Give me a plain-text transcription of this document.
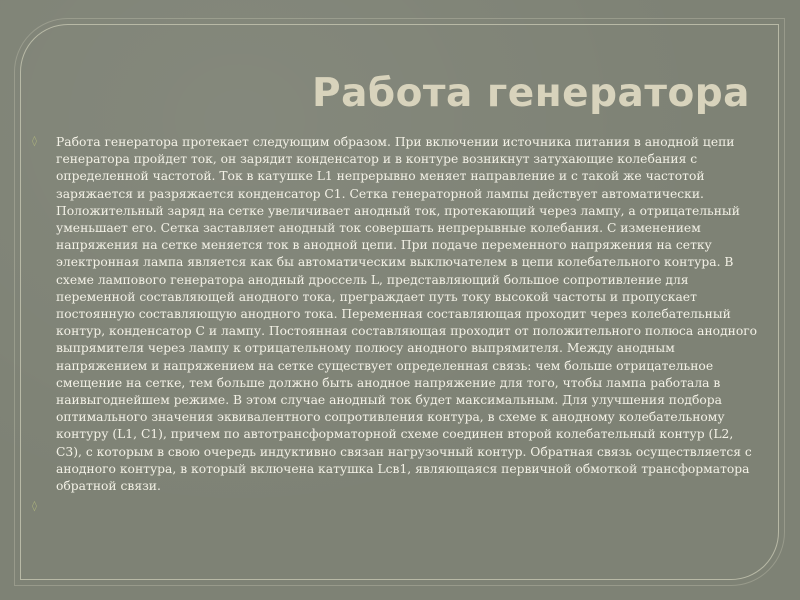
Работа генератора
◊	Работа генератора протекает следующим образом. При включении источника питания в анодной цепи генератора пройдет ток, он зарядит конденсатор и в контуре возникнут затухающие колебания с определенной частотой. Ток в катушке L1 непрерывно меняет направление и с такой же частотой заряжается и разряжается конденсатор С1. Сетка генераторной лампы действует автоматически. Положительный заряд на сетке увеличивает анодный ток, протекающий через лампу, а отрицательный уменьшает его. Сетка заставляет анодный ток совершать непрерывные колебания. С изменением напряжения на сетке меняется ток в анодной цепи. При подаче переменного напряжения на сетку электронная лампа является как бы автоматическим выключателем в цепи колебательного контура. В схеме лампового генератора анодный дроссель L, представляющий большое сопротивление для переменной составляющей анодного тока, преграждает путь току высокой частоты и пропускает постоянную составляющую анодного тока. Переменная составляющая проходит через колебательный контур, конденсатор С и лампу. Постоянная составляющая проходит от положительного полюса анодного выпрямителя через лампу к отрицательному полюсу анодного выпрямителя. Между анодным напряжением и напряжением на сетке существует определенная связь: чем больше отрицательное смещение на сетке, тем больше должно быть анодное напряжение для того, чтобы лампа работала в наивыгоднейшем режиме. В этом случае анодный ток будет максимальным. Для улучшения подбора оптимального значения эквивалентного сопротивления контура, в схеме к анодному колебательному контуру (L1, C1), причем по автотрансформаторной схеме соединен второй колебательный контур (L2, C3), с которым в свою очередь индуктивно связан нагрузочный контур. Обратная связь осуществляется с анодного контура, в который включена катушка Lсв1, являющаяся первичной обмоткой трансформатора обратной связи.

◊
